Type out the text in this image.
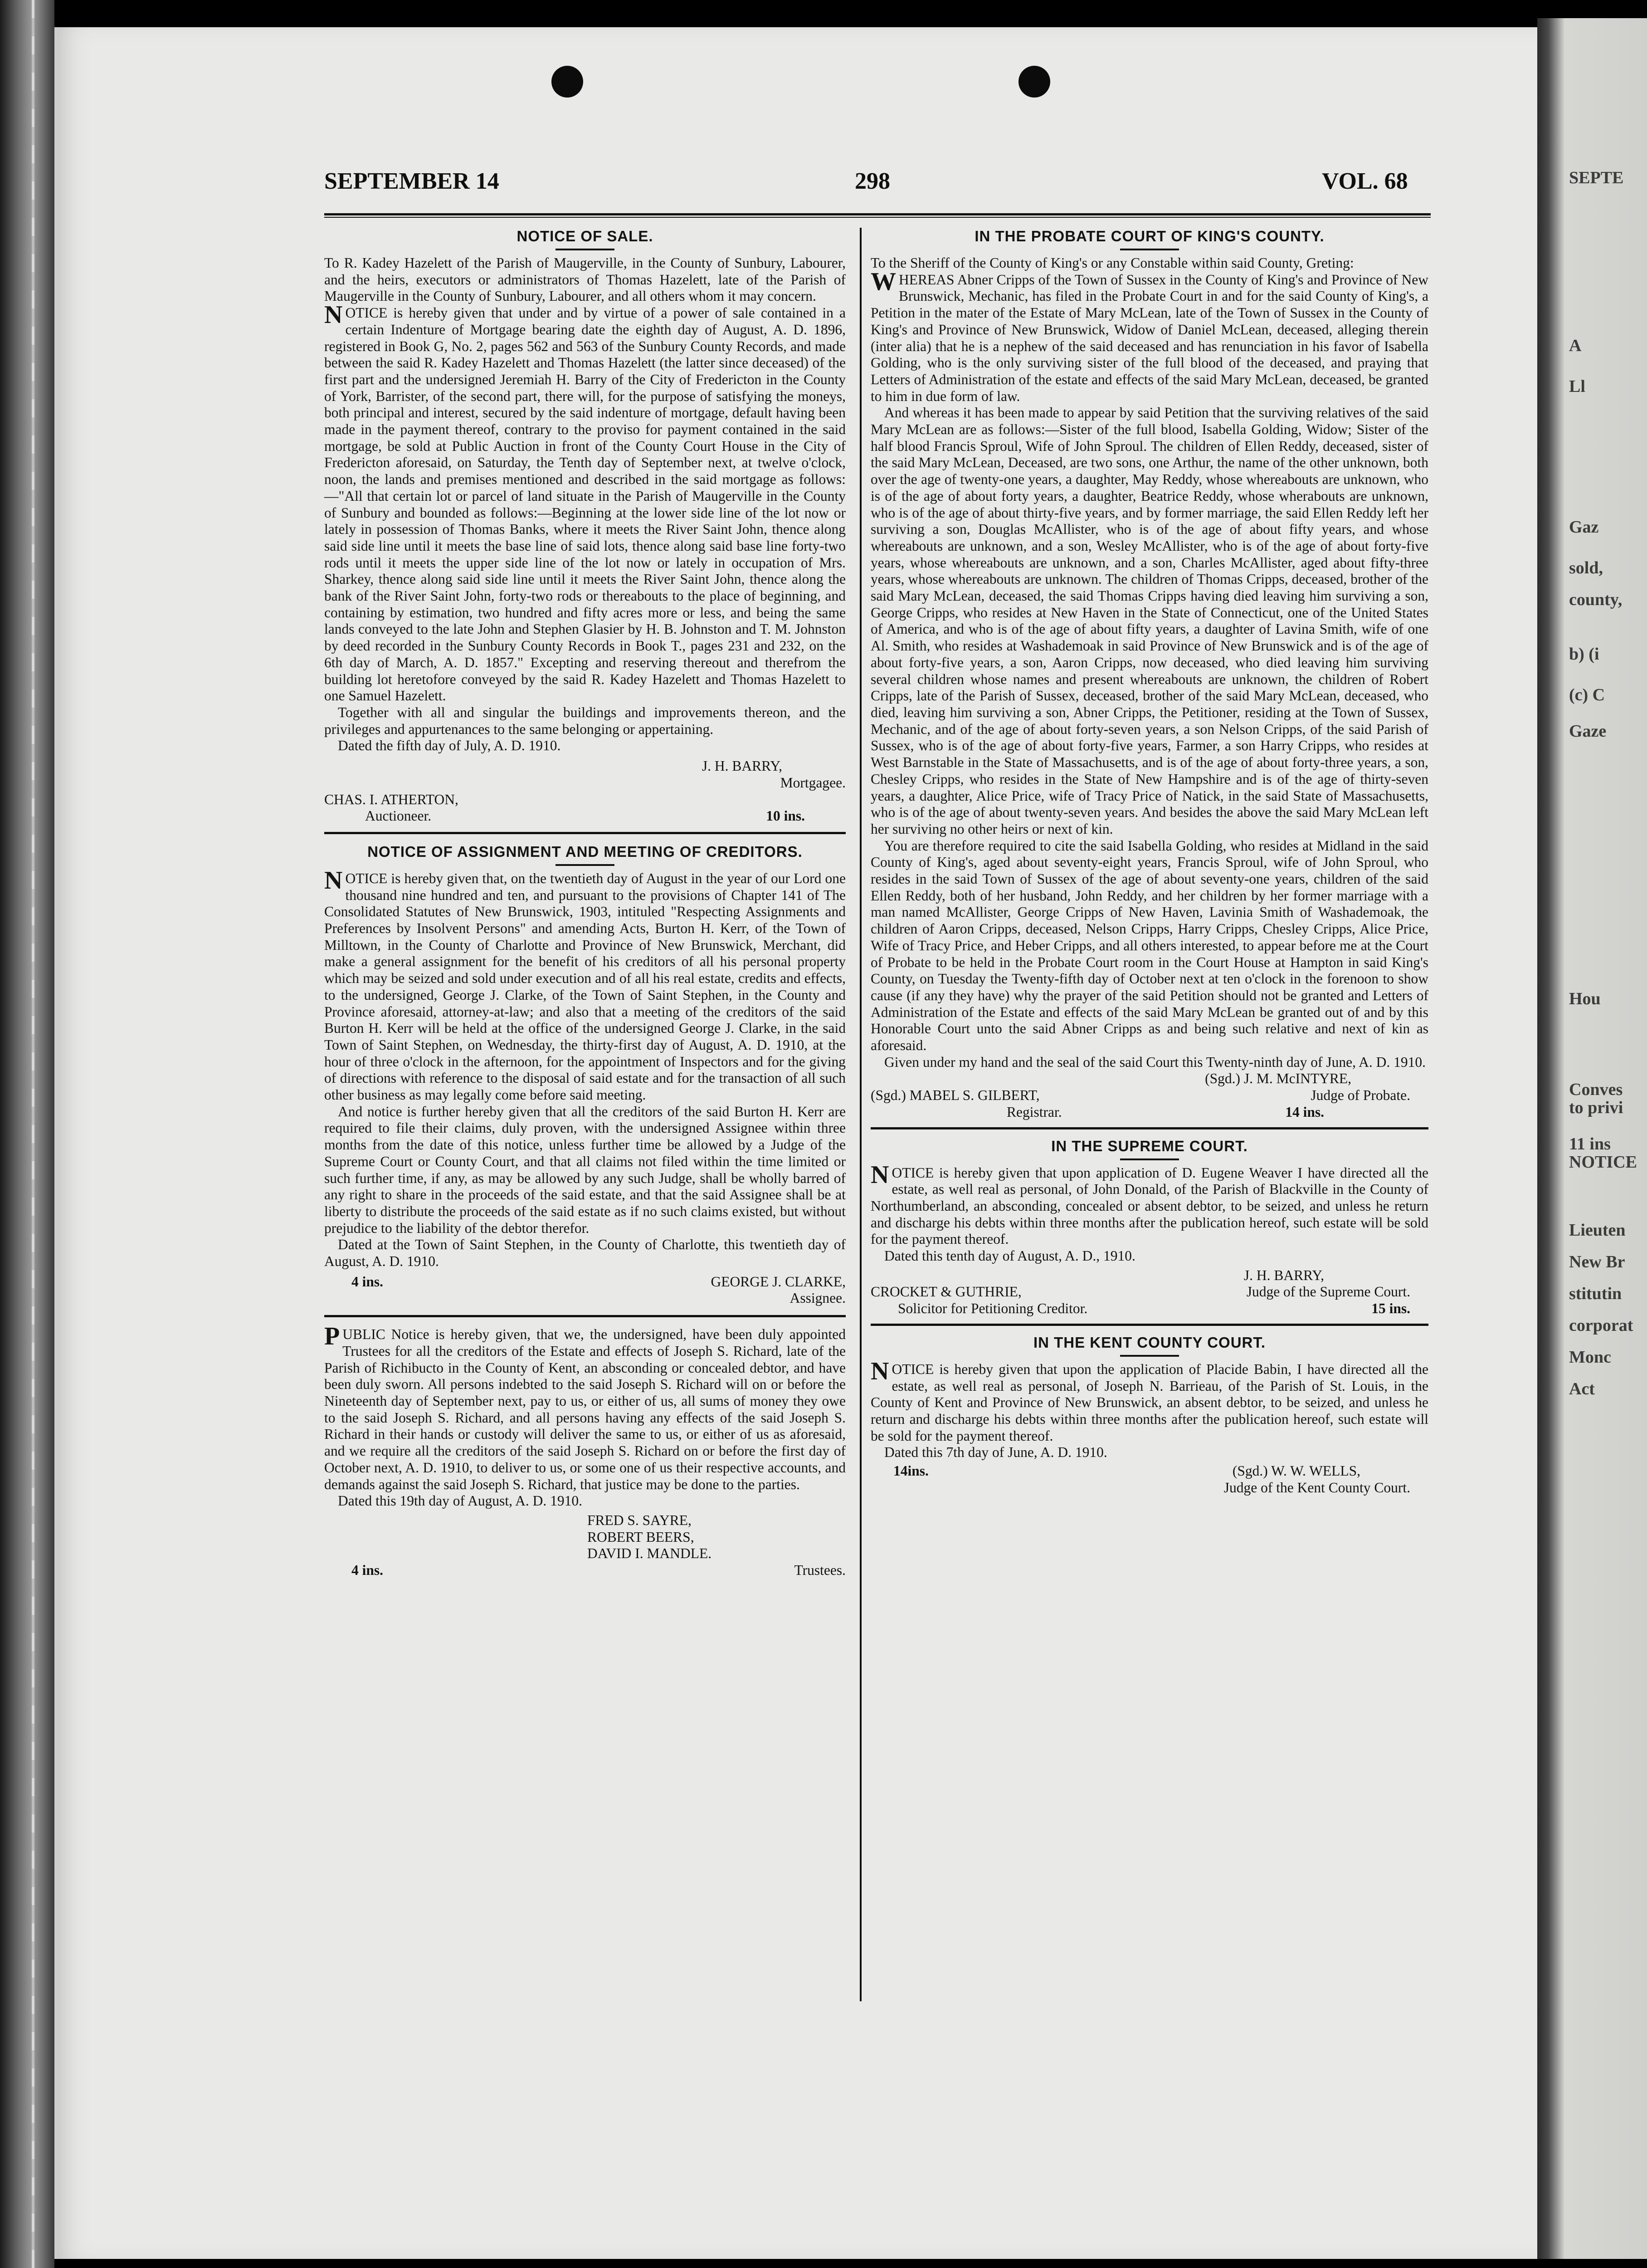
SEPTE
A
Ll
Gaz
sold,
county,
b) (i
(c) C
Gaze
Hou
Conves
to privi
11 ins
NOTICE
Lieuten
New Br
stitutin
corporat
Monc
Act
SEPTEMBER 14	298	VOL. 68
NOTICE OF SALE.

To R. Kadey Hazelett of the Parish of Maugerville, in the County of Sunbury, Labourer, and the heirs, executors or administrators of Thomas Hazelett, late of the Parish of Maugerville in the County of Sunbury, Labourer, and all others whom it may concern.

NOTICE is hereby given that under and by virtue of a power of sale contained in a certain Indenture of Mortgage bearing date the eighth day of August, A. D. 1896, registered in Book G, No. 2, pages 562 and 563 of the Sunbury County Records, and made between the said R. Kadey Hazelett and Thomas Hazelett (the latter since deceased) of the first part and the undersigned Jeremiah H. Barry of the City of Fredericton in the County of York, Barrister, of the second part, there will, for the purpose of satisfying the moneys, both principal and interest, secured by the said indenture of mortgage, default having been made in the payment thereof, contrary to the proviso for payment contained in the said mortgage, be sold at Public Auction in front of the County Court House in the City of Fredericton aforesaid, on Saturday, the Tenth day of September next, at twelve o'clock, noon, the lands and premises mentioned and described in the said mortgage as follows:—"All that certain lot or parcel of land situate in the Parish of Maugerville in the County of Sunbury and bounded as follows:—Beginning at the lower side line of the lot now or lately in possession of Thomas Banks, where it meets the River Saint John, thence along said side line until it meets the base line of said lots, thence along said base line forty-two rods until it meets the upper side line of the lot now or lately in occupation of Mrs. Sharkey, thence along said side line until it meets the River Saint John, thence along the bank of the River Saint John, forty-two rods or thereabouts to the place of beginning, and containing by estimation, two hundred and fifty acres more or less, and being the same lands conveyed to the late John and Stephen Glasier by H. B. Johnston and T. M. Johnston by deed recorded in the Sunbury County Records in Book T., pages 231 and 232, on the 6th day of March, A. D. 1857." Excepting and reserving thereout and therefrom the building lot heretofore conveyed by the said R. Kadey Hazelett and Thomas Hazelett to one Samuel Hazelett.

Together with all and singular the buildings and improvements thereon, and the privileges and appurtenances to the same belonging or appertaining.

Dated the fifth day of July, A. D. 1910.

J. H. BARRY,

Mortgagee.

CHAS. I. ATHERTON,

Auctioneer.	10 ins.
NOTICE OF ASSIGNMENT AND MEETING OF CREDITORS.

NOTICE is hereby given that, on the twentieth day of August in the year of our Lord one thousand nine hundred and ten, and pursuant to the provisions of Chapter 141 of The Consolidated Statutes of New Brunswick, 1903, intituled "Respecting Assignments and Preferences by Insolvent Persons" and amending Acts, Burton H. Kerr, of the Town of Milltown, in the County of Charlotte and Province of New Brunswick, Merchant, did make a general assignment for the benefit of his creditors of all his personal property which may be seized and sold under execution and of all his real estate, credits and effects, to the undersigned, George J. Clarke, of the Town of Saint Stephen, in the County and Province aforesaid, attorney-at-law; and also that a meeting of the creditors of the said Burton H. Kerr will be held at the office of the undersigned George J. Clarke, in the said Town of Saint Stephen, on Wednesday, the thirty-first day of August, A. D. 1910, at the hour of three o'clock in the afternoon, for the appointment of Inspectors and for the giving of directions with reference to the disposal of said estate and for the transaction of all such other business as may legally come before said meeting.

And notice is further hereby given that all the creditors of the said Burton H. Kerr are required to file their claims, duly proven, with the undersigned Assignee within three months from the date of this notice, unless further time be allowed by a Judge of the Supreme Court or County Court, and that all claims not filed within the time limited or such further time, if any, as may be allowed by any such Judge, shall be wholly barred of any right to share in the proceeds of the said estate, and that the said Assignee shall be at liberty to distribute the proceeds of the said estate as if no such claims existed, but without prejudice to the liability of the debtor therefor.

Dated at the Town of Saint Stephen, in the County of Charlotte, this twentieth day of August, A. D. 1910.

4 ins.	GEORGE J. CLARKE,

Assignee.

PUBLIC Notice is hereby given, that we, the undersigned, have been duly appointed Trustees for all the creditors of the Estate and effects of Joseph S. Richard, late of the Parish of Richibucto in the County of Kent, an absconding or concealed debtor, and have been duly sworn. All persons indebted to the said Joseph S. Richard will on or before the Nineteenth day of September next, pay to us, or either of us, all sums of money they owe to the said Joseph S. Richard, and all persons having any effects of the said Joseph S. Richard in their hands or custody will deliver the same to us, or either of us as aforesaid, and we require all the creditors of the said Joseph S. Richard on or before the first day of October next, A. D. 1910, to deliver to us, or some one of us their respective accounts, and demands against the said Joseph S. Richard, that justice may be done to the parties.

Dated this 19th day of August, A. D. 1910.

FRED S. SAYRE,
ROBERT BEERS,
DAVID I. MANDLE.
4 ins.	Trustees.
IN THE PROBATE COURT OF KING'S COUNTY.

To the Sheriff of the County of King's or any Constable within said County, Greting:

WHEREAS Abner Cripps of the Town of Sussex in the County of King's and Province of New Brunswick, Mechanic, has filed in the Probate Court in and for the said County of King's, a Petition in the mater of the Estate of Mary McLean, late of the Town of Sussex in the County of King's and Province of New Brunswick, Widow of Daniel McLean, deceased, alleging therein (inter alia) that he is a nephew of the said deceased and has renunciation in his favor of Isabella Golding, who is the only surviving sister of the full blood of the deceased, and praying that Letters of Administration of the estate and effects of the said Mary McLean, deceased, be granted to him in due form of law.

And whereas it has been made to appear by said Petition that the surviving relatives of the said Mary McLean are as follows:—Sister of the full blood, Isabella Golding, Widow; Sister of the half blood Francis Sproul, Wife of John Sproul. The children of Ellen Reddy, deceased, sister of the said Mary McLean, Deceased, are two sons, one Arthur, the name of the other unknown, both over the age of twenty-one years, a daughter, May Reddy, whose whereabouts are unknown, who is of the age of about forty years, a daughter, Beatrice Reddy, whose wherabouts are unknown, who is of the age of about thirty-five years, and by former marriage, the said Ellen Reddy left her surviving a son, Douglas McAllister, who is of the age of about fifty years, and whose whereabouts are unknown, and a son, Wesley McAllister, who is of the age of about forty-five years, whose whereabouts are unknown, and a son, Charles McAllister, aged about fifty-three years, whose whereabouts are unknown. The children of Thomas Cripps, deceased, brother of the said Mary McLean, deceased, the said Thomas Cripps having died leaving him surviving a son, George Cripps, who resides at New Haven in the State of Connecticut, one of the United States of America, and who is of the age of about fifty years, a daughter of Lavina Smith, wife of one Al. Smith, who resides at Washademoak in said Province of New Brunswick and is of the age of about forty-five years, a son, Aaron Cripps, now deceased, who died leaving him surviving several children whose names and present whereabouts are unknown, the children of Robert Cripps, late of the Parish of Sussex, deceased, brother of the said Mary McLean, deceased, who died, leaving him surviving a son, Abner Cripps, the Petitioner, residing at the Town of Sussex, Mechanic, and of the age of about forty-seven years, a son Nelson Cripps, of the said Parish of Sussex, who is of the age of about forty-five years, Farmer, a son Harry Cripps, who resides at West Barnstable in the State of Massachusetts, and is of the age of about forty-three years, a son, Chesley Cripps, who resides in the State of New Hampshire and is of the age of thirty-seven years, a daughter, Alice Price, wife of Tracy Price of Natick, in the said State of Massachusetts, who is of the age of about twenty-seven years. And besides the above the said Mary McLean left her surviving no other heirs or next of kin.

You are therefore required to cite the said Isabella Golding, who resides at Midland in the said County of King's, aged about seventy-eight years, Francis Sproul, wife of John Sproul, who resides in the said Town of Sussex of the age of about seventy-one years, children of the said Ellen Reddy, both of her husband, John Reddy, and her children by her former marriage with a man named McAllister, George Cripps of New Haven, Lavinia Smith of Washademoak, the children of Aaron Cripps, deceased, Nelson Cripps, Harry Cripps, Chesley Cripps, Alice Price, Wife of Tracy Price, and Heber Cripps, and all others interested, to appear before me at the Court of Probate to be held in the Probate Court room in the Court House at Hampton in said King's County, on Tuesday the Twenty-fifth day of October next at ten o'clock in the forenoon to show cause (if any they have) why the prayer of the said Petition should not be granted and Letters of Administration of the Estate and effects of the said Mary McLean be granted out of and by this Honorable Court unto the said Abner Cripps as and being such relative and next of kin as aforesaid.

Given under my hand and the seal of the said Court this Twenty-ninth day of June, A. D. 1910.

(Sgd.) J. M. McINTYRE,

(Sgd.) MABEL S. GILBERT,	Judge of Probate.
Registrar.	14 ins.
IN THE SUPREME COURT.

NOTICE is hereby given that upon application of D. Eugene Weaver I have directed all the estate, as well real as personal, of John Donald, of the Parish of Blackville in the County of Northumberland, an absconding, concealed or absent debtor, to be seized, and unless he return and discharge his debts within three months after the publication hereof, such estate will be sold for the payment thereof.

Dated this tenth day of August, A. D., 1910.

J. H. BARRY,

CROCKET & GUTHRIE,	Judge of the Supreme Court.
Solicitor for Petitioning Creditor.	15 ins.
IN THE KENT COUNTY COURT.

NOTICE is hereby given that upon the application of Placide Babin, I have directed all the estate, as well real as personal, of Joseph N. Barrieau, of the Parish of St. Louis, in the County of Kent and Province of New Brunswick, an absent debtor, to be seized, and unless he return and discharge his debts within three months after the publication hereof, such estate will be sold for the payment thereof.

Dated this 7th day of June, A. D. 1910.

14ins.	(Sgd.) W. W. WELLS,

Judge of the Kent County Court.
